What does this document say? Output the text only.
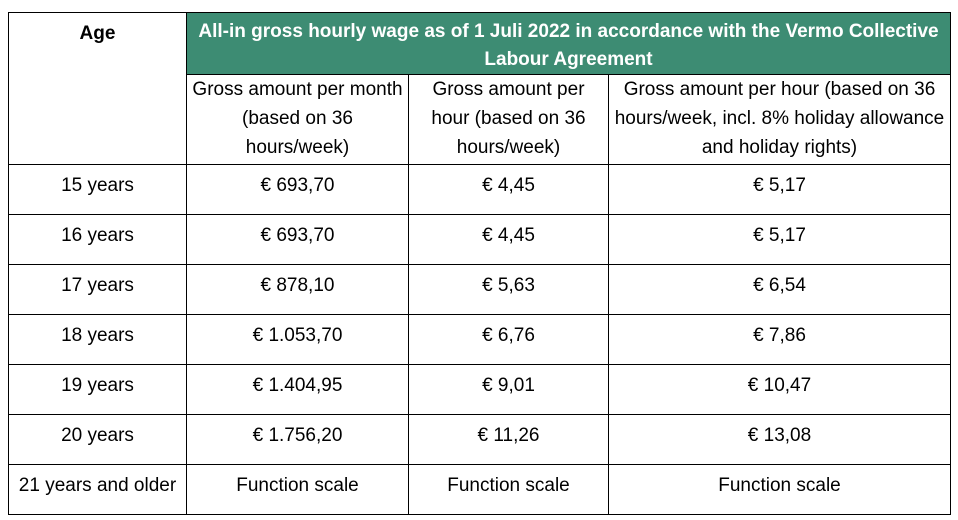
Age	All-in gross hourly wage as of 1 Juli 2022 in accordance with the Vermo Collective Labour Agreement		
	Gross amount per month (based on 36 hours/week)	Gross amount per hour (based on 36 hours/week)	Gross amount per hour (based on 36 hours/week, incl. 8% holiday allowance and holiday rights)
15 years	€ 693,70	€ 4,45	€ 5,17
16 years	€ 693,70	€ 4,45	€ 5,17
17 years	€ 878,10	€ 5,63	€ 6,54
18 years	€ 1.053,70	€ 6,76	€ 7,86
19 years	€ 1.404,95	€ 9,01	€ 10,47
20 years	€ 1.756,20	€ 11,26	€ 13,08
21 years and older	Function scale	Function scale	Function scale
